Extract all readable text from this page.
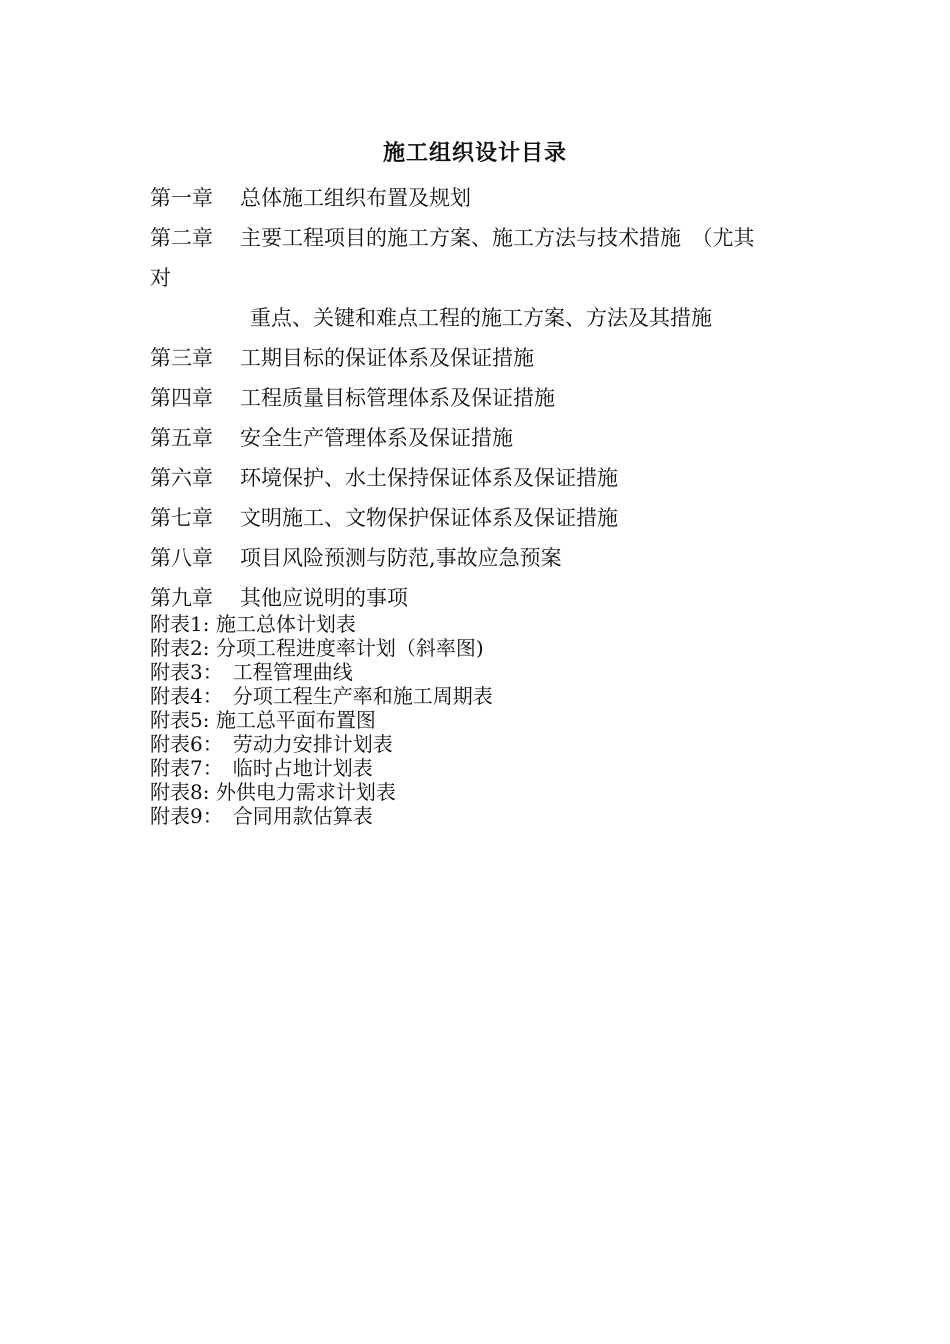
施工组织设计目录
第一章 总体施工组织布置及规划
第二章 主要工程项目的施工方案、施工方法与技术措施　（尤其
对
重点、关键和难点工程的施工方案、方法及其措施
第三章 工期目标的保证体系及保证措施
第四章 工程质量目标管理体系及保证措施
第五章 安全生产管理体系及保证措施
第六章 环境保护、水土保持保证体系及保证措施
第七章 文明施工、文物保护保证体系及保证措施
第八章 项目风险预测与防范,事故应急预案
第九章 其他应说明的事项
附表1: 施工总体计划表
附表2: 分项工程进度率计划（斜率图)
附表3：　工程管理曲线
附表4：　分项工程生产率和施工周期表
附表5: 施工总平面布置图
附表6：　劳动力安排计划表
附表7：　临时占地计划表
附表8: 外供电力需求计划表
附表9：　合同用款估算表
